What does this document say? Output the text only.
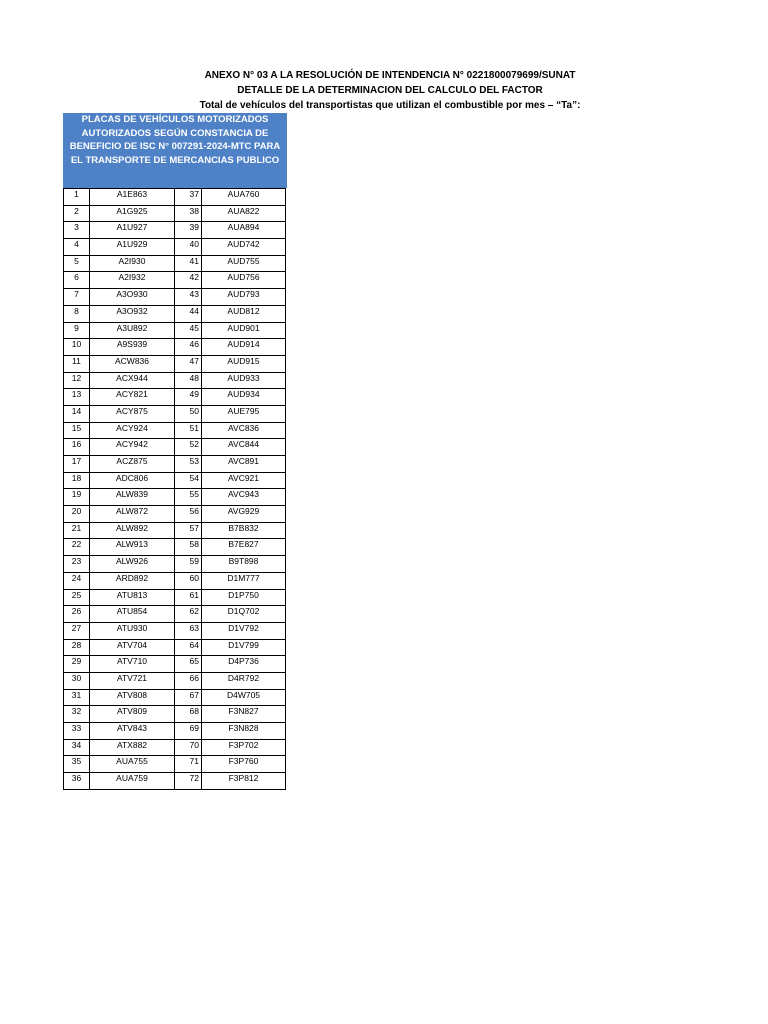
ANEXO N° 03 A LA RESOLUCIÓN DE INTENDENCIA N° 0221800079699/SUNAT
DETALLE DE LA DETERMINACION DEL CALCULO DEL FACTOR
Total de vehículos del transportistas que utilizan el combustible por mes – “Ta”:
PLACAS DE VEHÍCULOS MOTORIZADOS
AUTORIZADOS SEGÚN CONSTANCIA DE
BENEFICIO DE ISC N° 007291-2024-MTC PARA
EL TRANSPORTE DE MERCANCIAS PUBLICO
1	A1E863	37	AUA760
2	A1G925	38	AUA822
3	A1U927	39	AUA894
4	A1U929	40	AUD742
5	A2I930	41	AUD755
6	A2I932	42	AUD756
7	A3O930	43	AUD793
8	A3O932	44	AUD812
9	A3U892	45	AUD901
10	A9S939	46	AUD914
11	ACW836	47	AUD915
12	ACX944	48	AUD933
13	ACY821	49	AUD934
14	ACY875	50	AUE795
15	ACY924	51	AVC836
16	ACY942	52	AVC844
17	ACZ875	53	AVC891
18	ADC806	54	AVC921
19	ALW839	55	AVC943
20	ALW872	56	AVG929
21	ALW892	57	B7B832
22	ALW913	58	B7E827
23	ALW926	59	B9T898
24	ARD892	60	D1M777
25	ATU813	61	D1P750
26	ATU854	62	D1Q702
27	ATU930	63	D1V792
28	ATV704	64	D1V799
29	ATV710	65	D4P736
30	ATV721	66	D4R792
31	ATV808	67	D4W705
32	ATV809	68	F3N827
33	ATV843	69	F3N828
34	ATX882	70	F3P702
35	AUA755	71	F3P760
36	AUA759	72	F3P812
